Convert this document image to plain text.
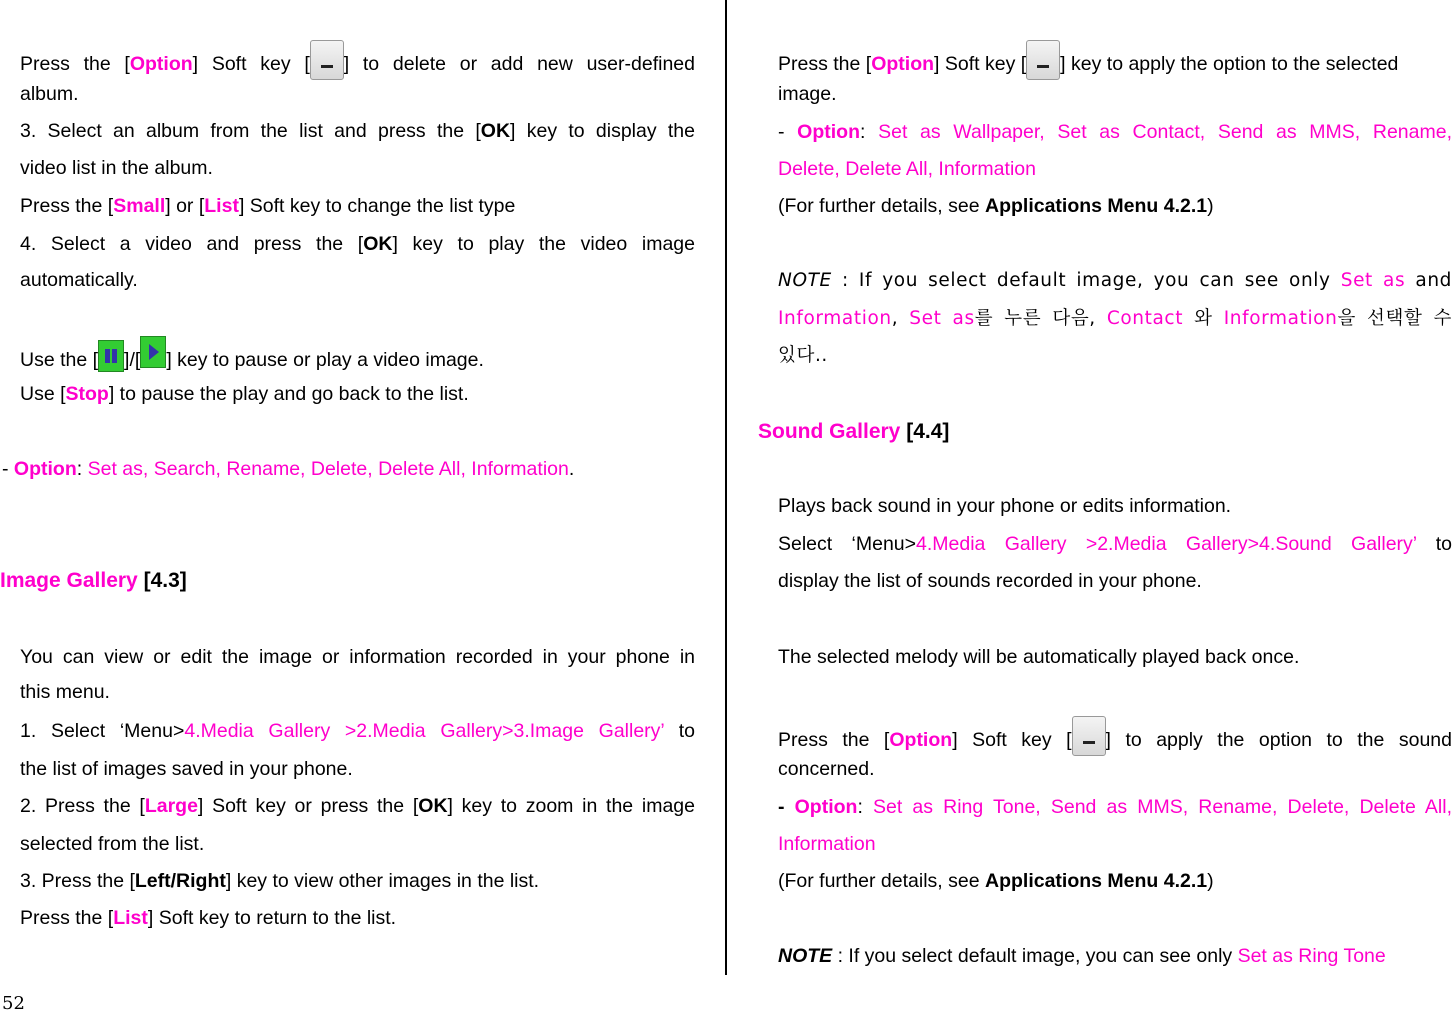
Press the [Option] Soft key [ ] to delete or add new user-defined
album.
3. Select an album from the list and press the [OK] key to display the
video list in the album.
Press the [Small] or [List] Soft key to change the list type
4. Select a video and press the [OK] key to play the video image
automatically.
Use the [ ]/[ ] key to pause or play a video image.
Use [Stop] to pause the play and go back to the list.
- Option: Set as, Search, Rename, Delete, Delete All, Information.
Image Gallery [4.3]
You can view or edit the image or information recorded in your phone in
this menu.
1. Select ‘Menu>4.Media Gallery >2.Media Gallery>3.Image Gallery’ to
the list of images saved in your phone.
2. Press the [Large] Soft key or press the [OK] key to zoom in the image
selected from the list.
3. Press the [Left/Right] key to view other images in the list.
Press the [List] Soft key to return to the list.
Press the [Option] Soft key [ ] key to apply the option to the selected
image.
- Option: Set as Wallpaper, Set as Contact, Send as MMS, Rename,
Delete, Delete All, Information
(For further details, see Applications Menu 4.2.1)
NOTE : If you select default image, you can see only Set as and
Information, Set as를 누른 다음, Contact 와 Information을 선택할 수
있다..
Sound Gallery [4.4]
Plays back sound in your phone or edits information.
Select ‘Menu>4.Media Gallery >2.Media Gallery>4.Sound Gallery’ to
display the list of sounds recorded in your phone.
The selected melody will be automatically played back once.
Press the [Option] Soft key [ ] to apply the option to the sound
concerned.
- Option: Set as Ring Tone, Send as MMS, Rename, Delete, Delete All,
Information
(For further details, see Applications Menu 4.2.1)
NOTE : If you select default image, you can see only Set as Ring Tone
52
